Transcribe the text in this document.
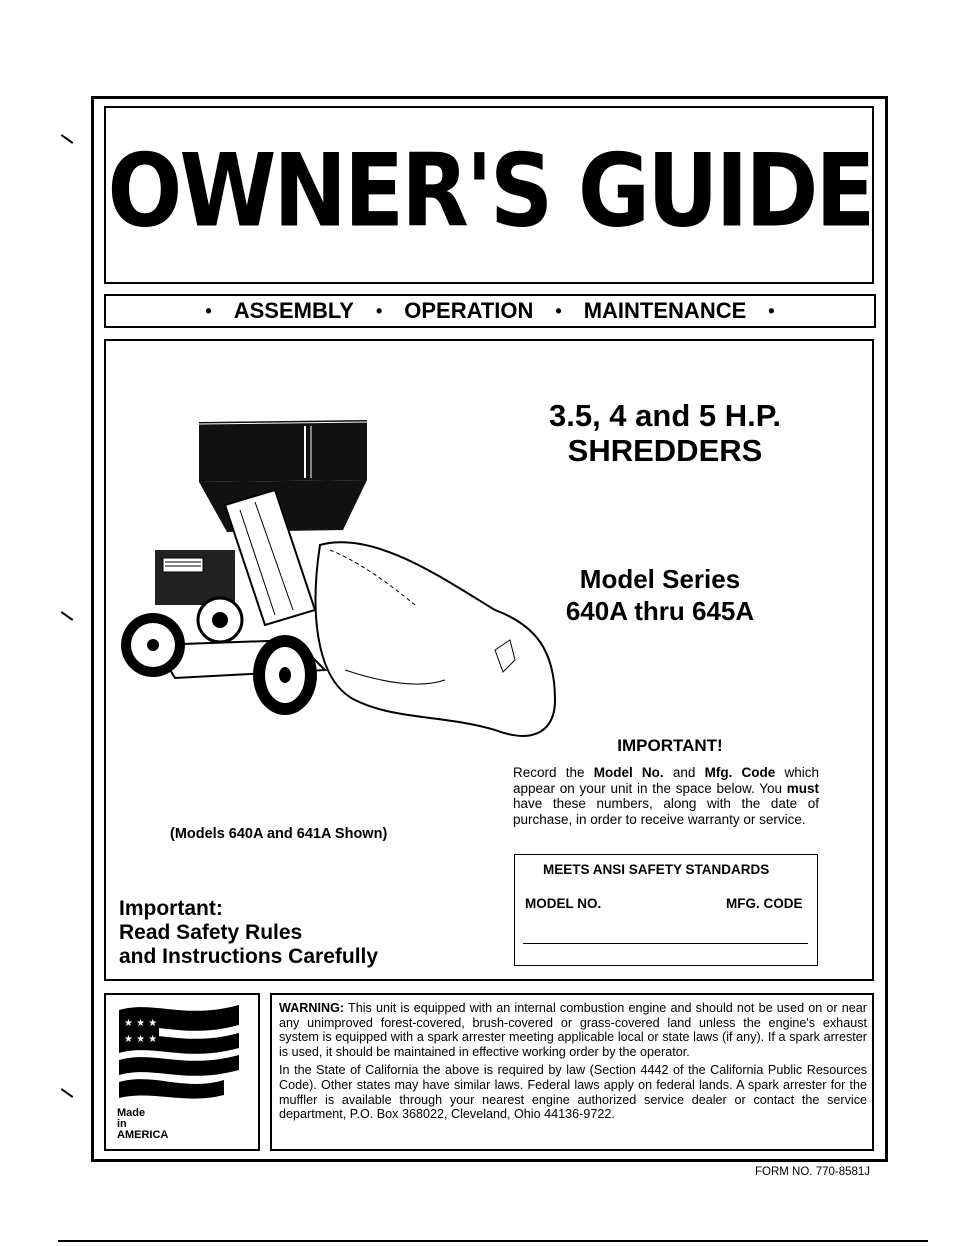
OWNER'S GUIDE
• ASSEMBLY • OPERATION • MAINTENANCE •
3.5, 4 and 5 H.P.
SHREDDERS
Model Series
640A thru 645A
(Models 640A and 641A Shown)
Important:
Read Safety Rules
and Instructions Carefully
IMPORTANT!
Record the Model No. and Mfg. Code which appear on your unit in the space below. You must have these numbers, along with the date of purchase, in order to receive warranty or service.
MEETS ANSI SAFETY STANDARDS
MODEL NO.	MFG. CODE
★ ★ ★
★ ★ ★
Made
in
AMERICA

WARNING: This unit is equipped with an internal combustion engine and should not be used on or near any unimproved forest-covered, brush-covered or grass-covered land unless the engine's exhaust system is equipped with a spark arrester meeting applicable local or state laws (if any). If a spark arrester is used, it should be maintained in effective working order by the operator.

In the State of California the above is required by law (Section 4442 of the California Public Resources Code). Other states may have similar laws. Federal laws apply on federal lands. A spark arrester for the muffler is available through your nearest engine authorized service dealer or contact the service department, P.O. Box 368022, Cleveland, Ohio 44136-9722.

FORM NO. 770-8581J
